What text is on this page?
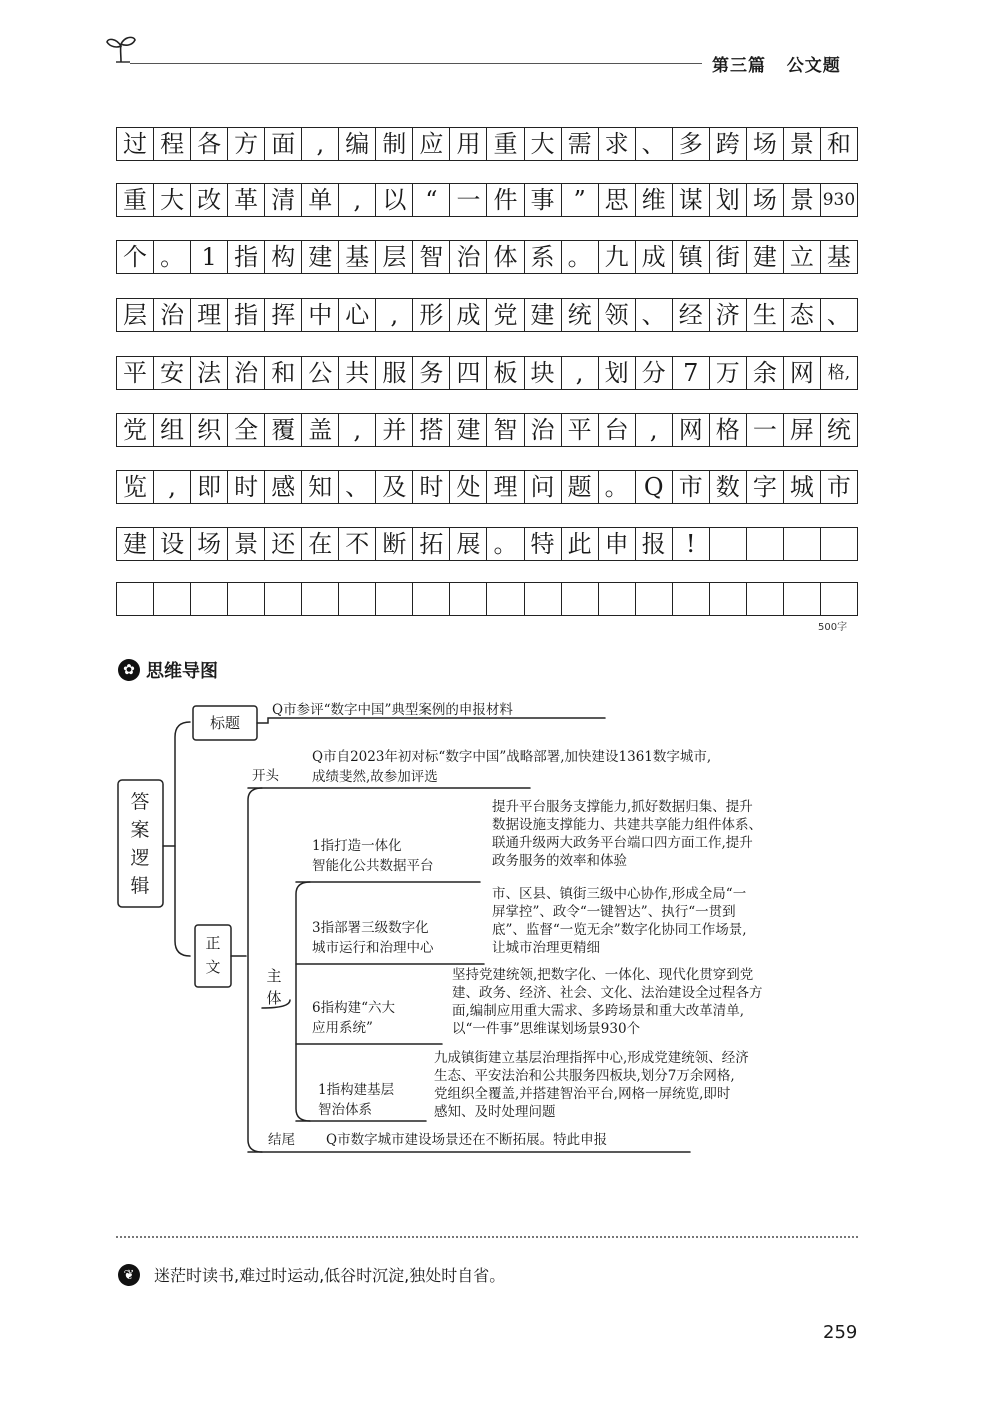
第三篇   公文题
过 程 各 方 面 , 编 制 应 用 重 大 需 求 、 多 跨 场 景 和
重 大 改 革 清 单 , 以 “ 一 件 事 ” 思 维 谋 划 场 景 930
个 。 1 指 构 建 基 层 智 治 体 系 。 九 成 镇 街 建 立 基
层 治 理 指 挥 中 心 , 形 成 党 建 统 领 、 经 济 生 态 、
平 安 法 治 和 公 共 服 务 四 板 块 , 划 分 7 万 余 网 格,
党 组 织 全 覆 盖 , 并 搭 建 智 治 平 台 , 网 格 一 屏 统
览 , 即 时 感 知 、 及 时 处 理 问 题 。 Q 市 数 字 城 市
建 设 场 景 还 在 不 断 拓 展 。 特 此 申 报 !
500字
✿ 思维导图
答案逻辑
标题
Q市参评“数字中国”典型案例的申报材料
开头
Q市自2023年初对标“数字中国”战略部署,加快建设1361数字城市,
成绩斐然,故参加评选
正文	主体
1指打造一体化
智能化公共数据平台
提升平台服务支撑能力,抓好数据归集、提升
数据设施支撑能力、共建共享能力组件体系、
联通升级两大政务平台端口四方面工作,提升
政务服务的效率和体验
3指部署三级数字化
城市运行和治理中心
市、区县、镇街三级中心协作,形成全局“一
屏掌控”、政令“一键智达”、执行“一贯到
底”、监督“一览无余”数字化协同工作场景,
让城市治理更精细
6指构建“六大
应用系统”
坚持党建统领,把数字化、一体化、现代化贯穿到党
建、政务、经济、社会、文化、法治建设全过程各方
面,编制应用重大需求、多跨场景和重大改革清单,
以“一件事”思维谋划场景930个
1指构建基层
智治体系
九成镇街建立基层治理指挥中心,形成党建统领、经济
生态、平安法治和公共服务四板块,划分7万余网格,
党组织全覆盖,并搭建智治平台,网格一屏统览,即时
感知、及时处理问题
结尾 Q市数字城市建设场景还在不断拓展。特此申报
❦	迷茫时读书,难过时运动,低谷时沉淀,独处时自省。
259
